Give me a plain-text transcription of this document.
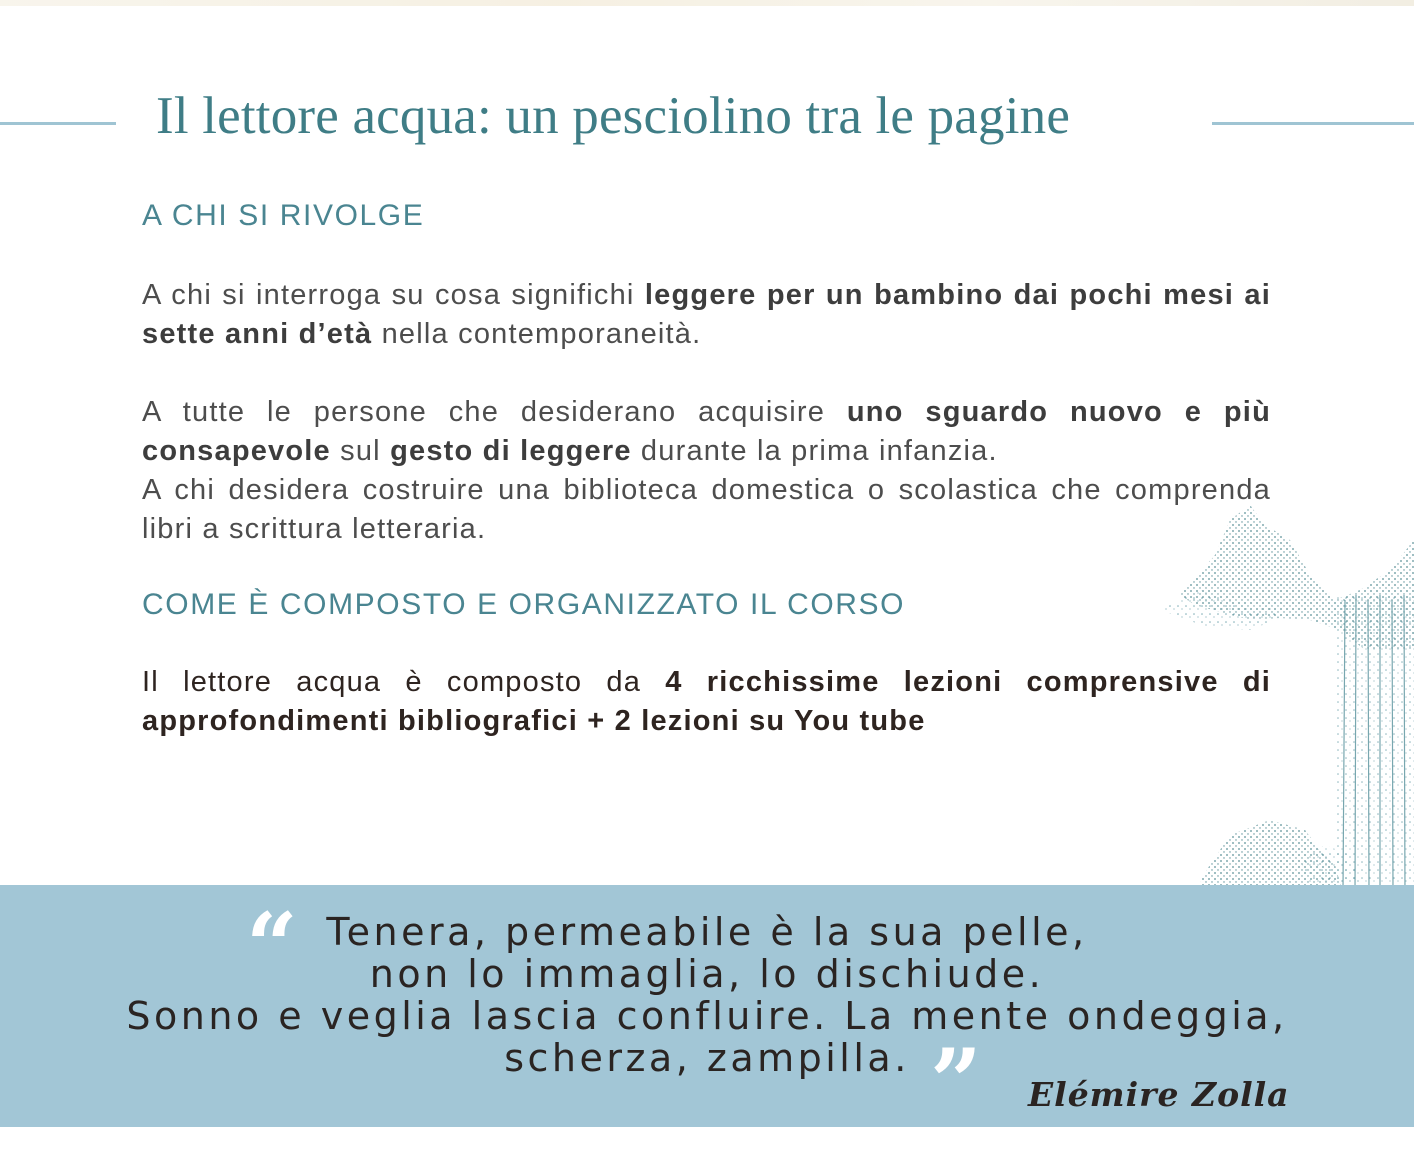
Il lettore acqua: un pesciolino tra le pagine
A CHI SI RIVOLGE

A chi si interroga su cosa significhi leggere per un bambino dai pochi mesi ai sette anni d’età nella contemporaneità.

A tutte le persone che desiderano acquisire uno sguardo nuovo e più consapevole sul gesto di leggere durante la prima infanzia.

A chi desidera costruire una biblioteca domestica o scolastica che comprenda libri a scrittura letteraria.

COME È COMPOSTO E ORGANIZZATO IL CORSO

Il lettore acqua è composto da 4 ricchissime lezioni comprensive di approfondimenti bibliografici + 2 lezioni su You tube

“ Tenera, permeabile è la sua pelle,
non lo immaglia, lo dischiude.
Sonno e veglia lascia confluire. La mente ondeggia,
scherza, zampilla. ” Elémire Zolla
